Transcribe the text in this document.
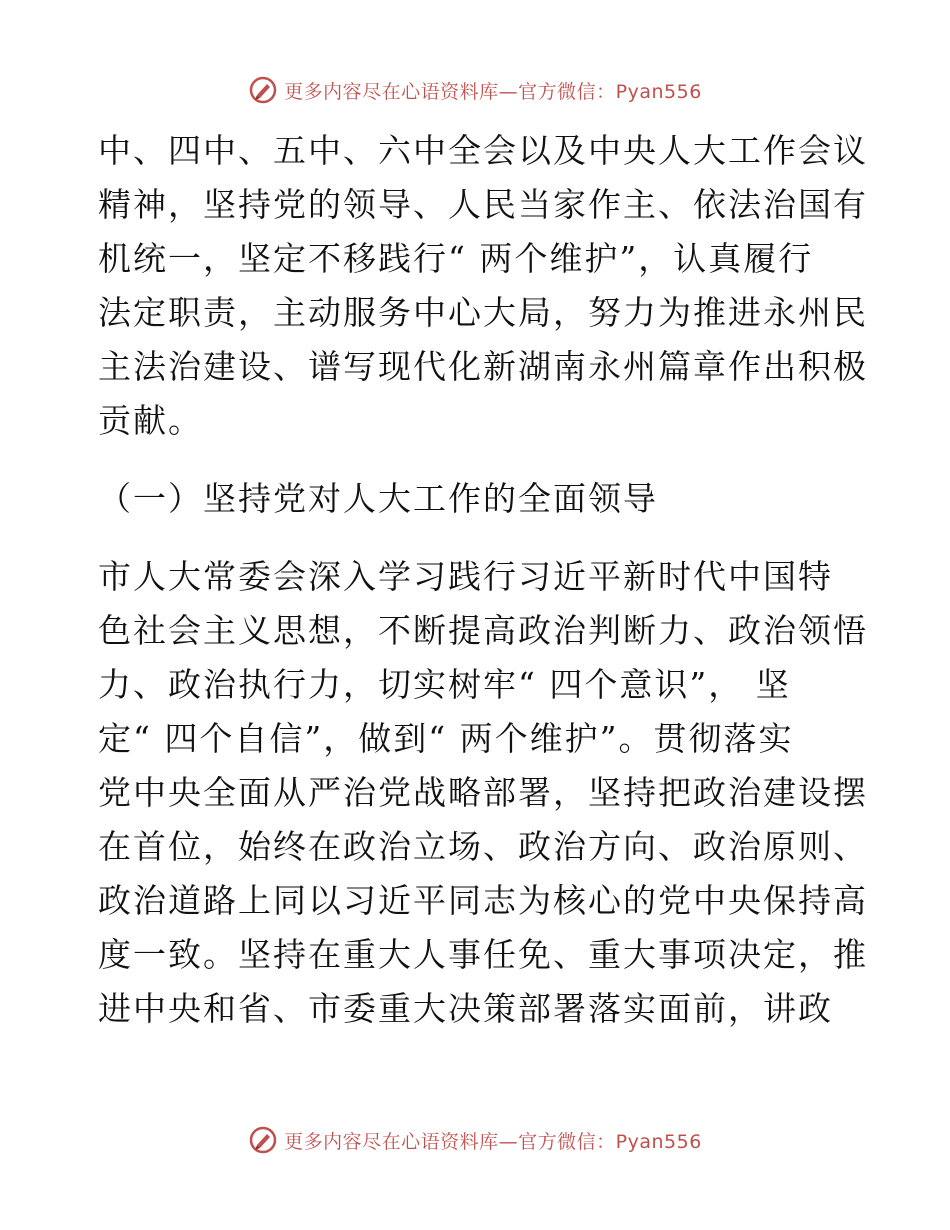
更多内容尽在心语资料库—官方微信：Pyan556
中、四中、五中、六中全会以及中央人大工作会议
精神，坚持党的领导、人民当家作主、依法治国有
机统一，坚定不移践行“ 两个维护”，认真履行
法定职责，主动服务中心大局，努力为推进永州民
主法治建设、谱写现代化新湖南永州篇章作出积极
贡献。
（一）坚持党对人大工作的全面领导
市人大常委会深入学习践行习近平新时代中国特
色社会主义思想，不断提高政治判断力、政治领悟
力、政治执行力，切实树牢“ 四个意识”， 坚
定“ 四个自信”，做到“ 两个维护”。贯彻落实
党中央全面从严治党战略部署，坚持把政治建设摆
在首位，始终在政治立场、政治方向、政治原则、
政治道路上同以习近平同志为核心的党中央保持高
度一致。坚持在重大人事任免、重大事项决定，推
进中央和省、市委重大决策部署落实面前，讲政
更多内容尽在心语资料库—官方微信：Pyan556
